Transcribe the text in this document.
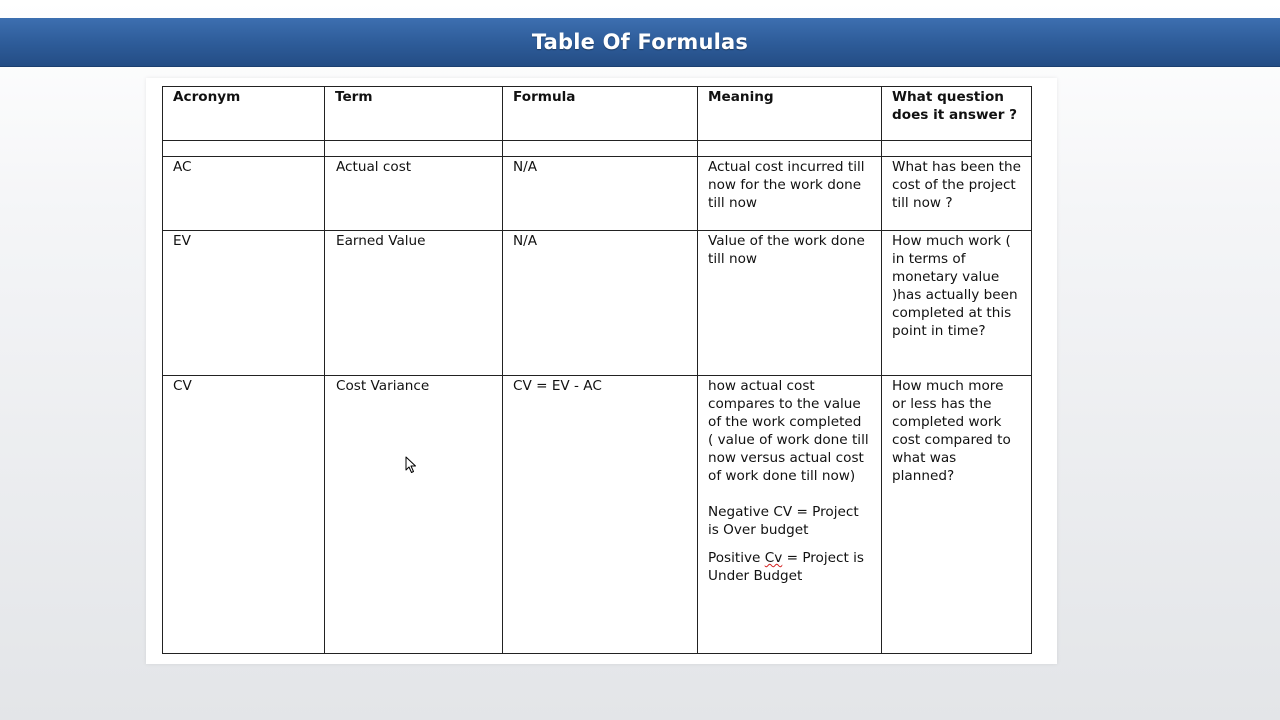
Table Of Formulas
Acronym	Term	Formula	Meaning	What question does it answer ?

AC	Actual cost	N/A	Actual cost incurred till now for the work done till now	What has been the cost of the project till now ?
EV	Earned Value	N/A	Value of the work done till now	How much work ( in terms of monetary value )has actually been completed at this point in time?
CV	Cost Variance	CV = EV - AC	how actual cost compares to the value of the work completed ( value of work done till now versus actual cost of work done till now)
Negative CV = Project is Over budget
Positive Cv = Project is Under Budget	How much more or less has the completed work cost compared to what was planned?
